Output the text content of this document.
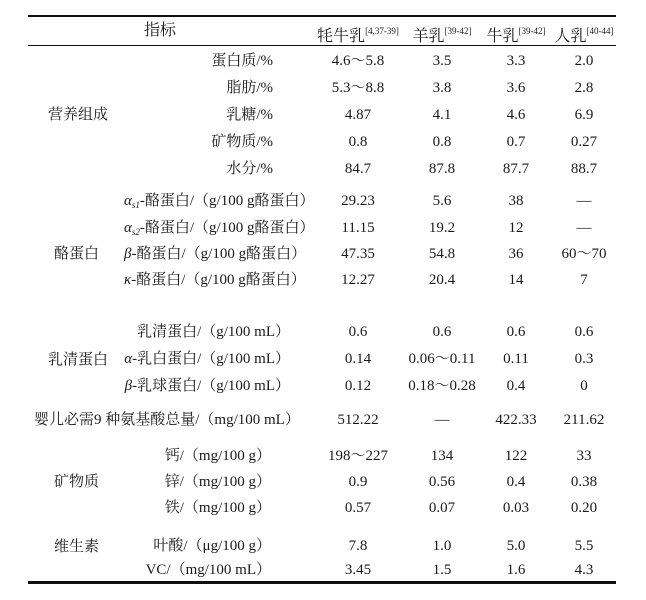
指标	牦牛乳[4,37-39] 羊乳[39-42] 牛乳[39-42] 人乳[40-44]
营养组成
酪蛋白
乳清蛋白
矿物质
维生素
蛋白质/%
脂肪/%
乳糖/%
矿物质/%
水分/%
$\alpha_{s1}-$酪蛋白/（g/100 g酪蛋白）
$\alpha_{s2}-$酪蛋白/（g/100 g酪蛋白）
β-酪蛋白/（g/100 g酪蛋白）
κ-酪蛋白/（g/100 g酪蛋白）
乳清蛋白/（g/100 mL）
α-乳白蛋白/（g/100 mL）
β-乳球蛋白/（g/100 mL）
婴儿必需9 种氨基酸总量/（mg/100 mL）
钙/（mg/100 g）
锌/（mg/100 g）
铁/（mg/100 g）
叶酸/（μg/100 g）
VC/（mg/100 mL）
4.6～5.8
5.3～8.8
4.87
0.8
84.7
29.23
11.15
47.35
12.27
0.6
0.14
0.12
512.22
198～227
0.9
0.57
7.8
3.45
3.5
3.8
4.1
0.8
87.8
5.6
19.2
54.8
20.4
0.6
0.06～0.11
0.18～0.28
—
134
0.56
0.07
1.0
1.5
3.3
3.6
4.6
0.7
87.7
38
12
36
14
0.6
0.11
0.4
422.33
122
0.4
0.03
5.0
1.6
2.0
2.8
6.9
0.27
88.7
—
—
60～70
7
0.6
0.3
0
211.62
33
0.38
0.20
5.5
4.3
